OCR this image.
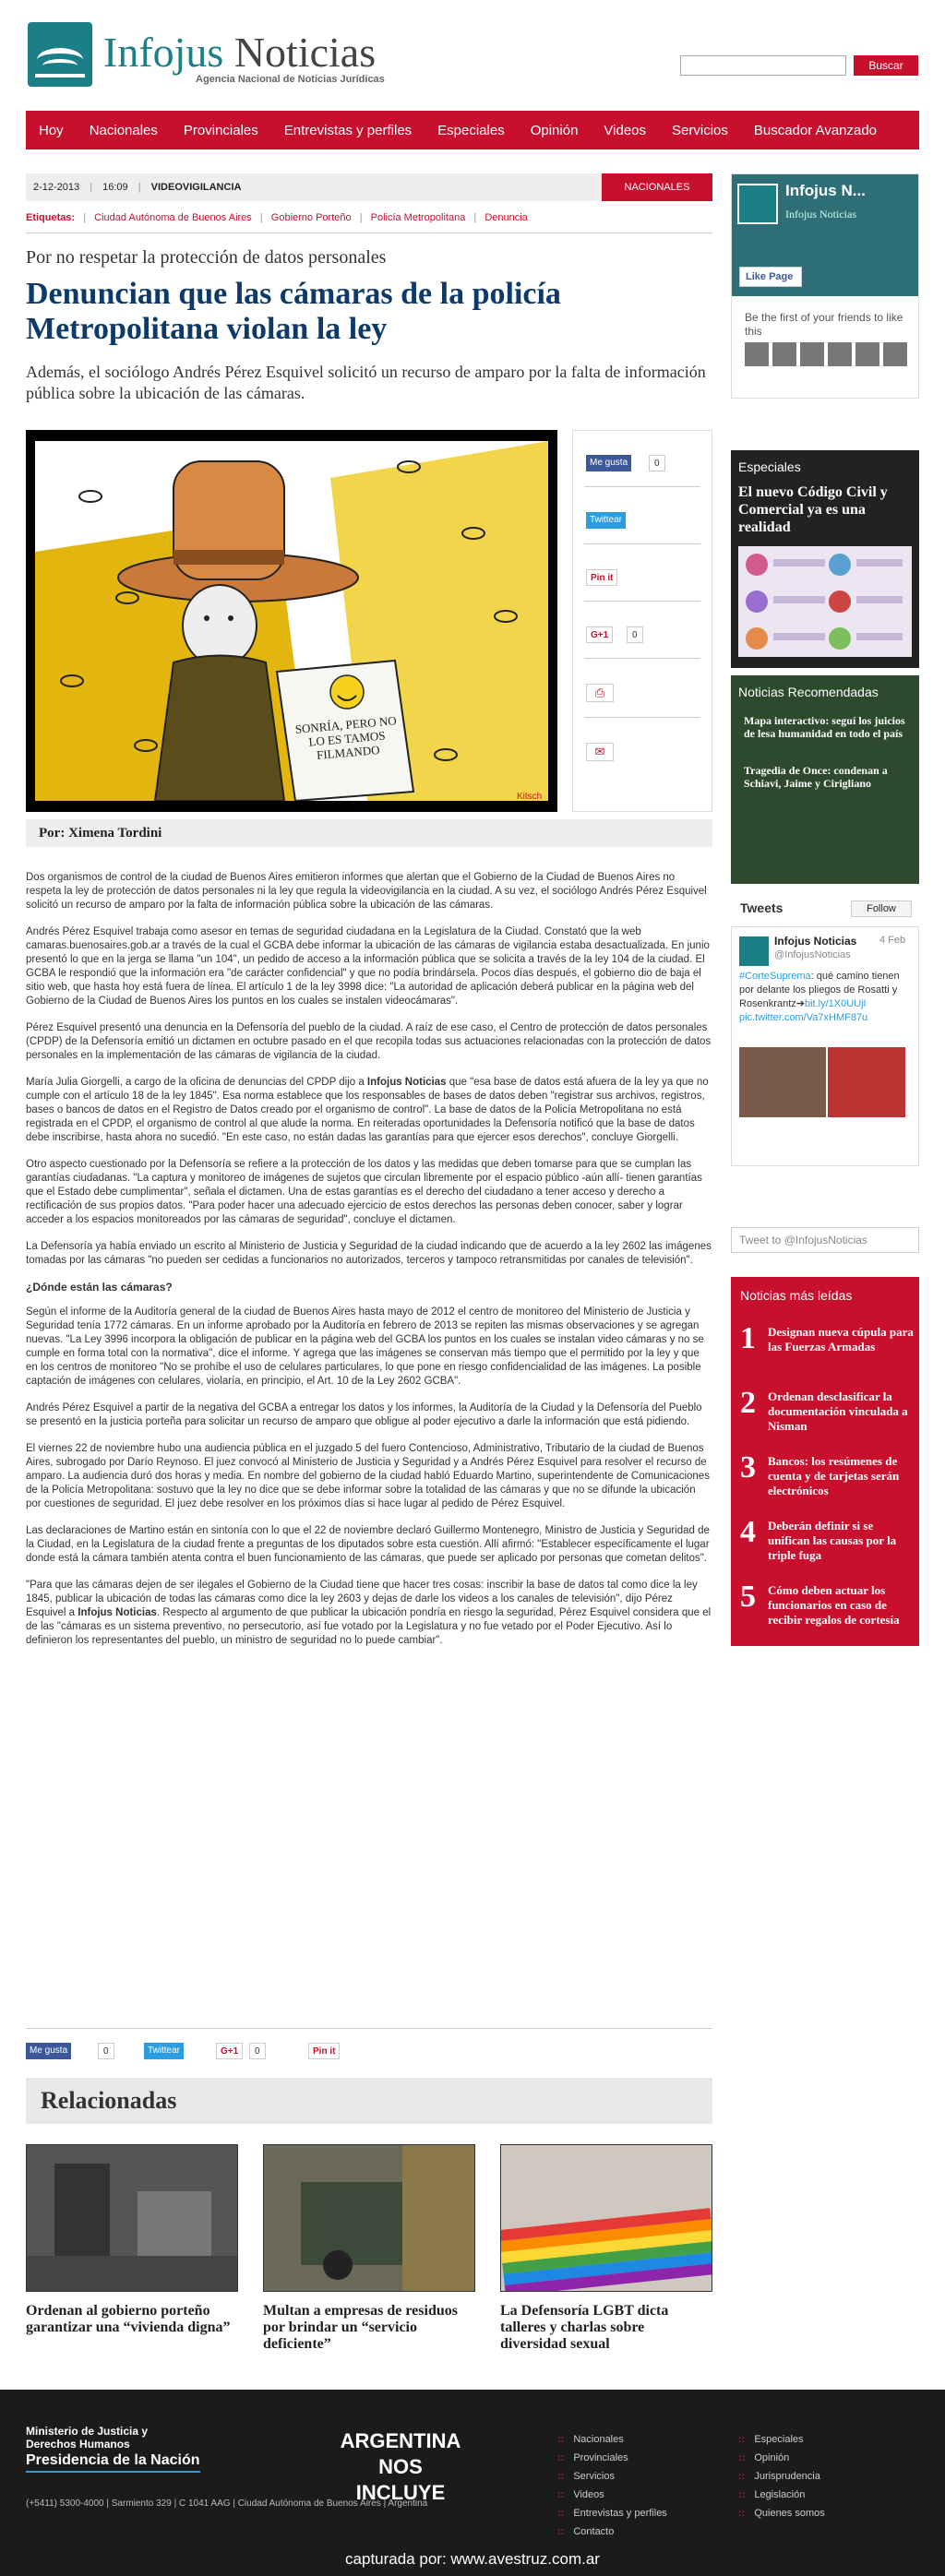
Infojus Noticias
Agencia Nacional de Noticias Jurídicas
Buscar
Hoy Nacionales Provinciales Entrevistas y perfiles Especiales Opinión Videos Servicios Buscador Avanzado
2-12-2013 | 16:09 | VIDEOVIGILANCIA	NACIONALES
Etiquetas: | Ciudad Autónoma de Buenos Aires | Gobierno Porteño | Policía Metropolitana | Denuncia
Por no respetar la protección de datos personales
Denuncian que las cámaras de la policía Metropolitana violan la ley
Además, el sociólogo Andrés Pérez Esquivel solicitó un recurso de amparo por la falta de información pública sobre la ubicación de las cámaras.
SONRÍA, PERO NO LO ES TAMOS FILMANDO
Kitsch
Me gusta	0
Twittear
Pin it
G+1	0
⎙
✉
Por: Ximena Tordini

Dos organismos de control de la ciudad de Buenos Aires emitieron informes que alertan que el Gobierno de la Ciudad de Buenos Aires no respeta la ley de protección de datos personales ni la ley que regula la videovigilancia en la ciudad. A su vez, el sociólogo Andrés Pérez Esquivel solicitó un recurso de amparo por la falta de información pública sobre la ubicación de las cámaras.

Andrés Pérez Esquivel trabaja como asesor en temas de seguridad ciudadana en la Legislatura de la Ciudad. Constató que la web camaras.buenosaires.gob.ar a través de la cual el GCBA debe informar la ubicación de las cámaras de vigilancia estaba desactualizada. En junio presentó lo que en la jerga se llama "un 104", un pedido de acceso a la información pública que se solicita a través de la ley 104 de la ciudad. El GCBA le respondió que la información era "de carácter confidencial" y que no podía brindársela. Pocos días después, el gobierno dio de baja el sitio web, que hasta hoy está fuera de línea. El artículo 1 de la ley 3998 dice: "La autoridad de aplicación deberá publicar en la página web del Gobierno de la Ciudad de Buenos Aires los puntos en los cuales se instalen videocámaras".

Pérez Esquivel presentó una denuncia en la Defensoría del pueblo de la ciudad. A raíz de ese caso, el Centro de protección de datos personales (CPDP) de la Defensoría emitió un dictamen en octubre pasado en el que recopila todas sus actuaciones relacionadas con la protección de datos personales en la implementación de las cámaras de vigilancia de la ciudad.

María Julia Giorgelli, a cargo de la oficina de denuncias del CPDP dijo a Infojus Noticias que "esa base de datos está afuera de la ley ya que no cumple con el artículo 18 de la ley 1845". Esa norma establece que los responsables de bases de datos deben "registrar sus archivos, registros, bases o bancos de datos en el Registro de Datos creado por el organismo de control". La base de datos de la Policía Metropolitana no está registrada en el CPDP, el organismo de control al que alude la norma. En reiteradas oportunidades la Defensoría notificó que la base de datos debe inscribirse, hasta ahora no sucedió. "En este caso, no están dadas las garantías para que ejercer esos derechos", concluye Giorgelli.

Otro aspecto cuestionado por la Defensoría se refiere a la protección de los datos y las medidas que deben tomarse para que se cumplan las garantías ciudadanas. "La captura y monitoreo de imágenes de sujetos que circulan libremente por el espacio público -aún allí- tienen garantías que el Estado debe cumplimentar", señala el dictamen. Una de estas garantías es el derecho del ciudadano a tener acceso y derecho a rectificación de sus propios datos. "Para poder hacer una adecuado ejercicio de estos derechos las personas deben conocer, saber y lograr acceder a los espacios monitoreados por las cámaras de seguridad", concluye el dictamen.

La Defensoría ya había enviado un escrito al Ministerio de Justicia y Seguridad de la ciudad indicando que de acuerdo a la ley 2602 las imágenes tomadas por las cámaras "no pueden ser cedidas a funcionarios no autorizados, terceros y tampoco retransmitidas por canales de televisión".

¿Dónde están las cámaras?

Según el informe de la Auditoría general de la ciudad de Buenos Aires hasta mayo de 2012 el centro de monitoreo del Ministerio de Justicia y Seguridad tenía 1772 cámaras. En un informe aprobado por la Auditoría en febrero de 2013 se repiten las mismas observaciones y se agregan nuevas. "La Ley 3996 incorpora la obligación de publicar en la página web del GCBA los puntos en los cuales se instalan video cámaras y no se cumple en forma total con la normativa", dice el informe. Y agrega que las imágenes se conservan más tiempo que el permitido por la ley y que en los centros de monitoreo "No se prohíbe el uso de celulares particulares, lo que pone en riesgo confidencialidad de las imágenes. La posible captación de imágenes con celulares, violaría, en principio, el Art. 10 de la Ley 2602 GCBA".

Andrés Pérez Esquivel a partir de la negativa del GCBA a entregar los datos y los informes, la Auditoría de la Ciudad y la Defensoría del Pueblo se presentó en la justicia porteña para solicitar un recurso de amparo que obligue al poder ejecutivo a darle la información que está pidiendo.

El viernes 22 de noviembre hubo una audiencia pública en el juzgado 5 del fuero Contencioso, Administrativo, Tributario de la ciudad de Buenos Aires, subrogado por Darío Reynoso. El juez convocó al Ministerio de Justicia y Seguridad y a Andrés Pérez Esquivel para resolver el recurso de amparo. La audiencia duró dos horas y media. En nombre del gobierno de la ciudad habló Eduardo Martino, superintendente de Comunicaciones de la Policía Metropolitana: sostuvo que la ley no dice que se debe informar sobre la totalidad de las cámaras y que no se difunde la ubicación por cuestiones de seguridad. El juez debe resolver en los próximos días si hace lugar al pedido de Pérez Esquivel.

Las declaraciones de Martino están en sintonía con lo que el 22 de noviembre declaró Guillermo Montenegro, Ministro de Justicia y Seguridad de la Ciudad, en la Legislatura de la ciudad frente a preguntas de los diputados sobre esta cuestión. Allí afirmó: "Establecer específicamente el lugar donde está la cámara también atenta contra el buen funcionamiento de las cámaras, que puede ser aplicado por personas que cometan delitos".

"Para que las cámaras dejen de ser ilegales el Gobierno de la Ciudad tiene que hacer tres cosas: inscribir la base de datos tal como dice la ley 1845, publicar la ubicación de todas las cámaras como dice la ley 2603 y dejas de darle los videos a los canales de televisión", dijo Pérez Esquivel a Infojus Noticias. Respecto al argumento de que publicar la ubicación pondría en riesgo la seguridad, Pérez Esquivel considera que el de las "cámaras es un sistema preventivo, no persecutorio, así fue votado por la Legislatura y no fue vetado por el Poder Ejecutivo. Así lo definieron los representantes del pueblo, un ministro de seguridad no lo puede cambiar".

Me gusta	0	Twittear	G+1	0	Pin it
Relacionadas
Ordenan al gobierno porteño garantizar una “vivienda digna”
Multan a empresas de residuos por brindar un “servicio deficiente”
La Defensoría LGBT dicta talleres y charlas sobre diversidad sexual
Infojus N...
Infojus Noticias
Like Page
Be the first of your friends to like this
Especiales
El nuevo Código Civil y Comercial ya es una realidad
Noticias Recomendadas
Mapa interactivo: seguí los juicios de lesa humanidad en todo el país
Tragedia de Once: condenan a Schiavi, Jaime y Cirigliano
Tweets	Follow
Infojus Noticias
@InfojusNoticias
4 Feb
#CorteSuprema: qué camino tienen por delante los pliegos de Rosatti y Rosenkrantz➔bit.ly/1X0UUjI pic.twitter.com/Va7xHMF87u
Tweet to @InfojusNoticias
Noticias más leídas
1 Designan nueva cúpula para las Fuerzas Armadas
2 Ordenan desclasificar la documentación vinculada a Nisman
3 Bancos: los resúmenes de cuenta y de tarjetas serán electrónicos
4 Deberán definir si se unifican las causas por la triple fuga
5 Cómo deben actuar los funcionarios en caso de recibir regalos de cortesía
Ministerio de Justicia y Derechos Humanos
Presidencia de la Nación
(+5411) 5300-4000 | Sarmiento 329 | C 1041 AAG | Ciudad Autónoma de Buenos Aires | Argentina
ARGENTINA NOS INCLUYE
:: Nacionales
:: Provinciales
:: Servicios
:: Videos
:: Entrevistas y perfiles
:: Contacto
:: Especiales
:: Opinión
:: Jurisprudencia
:: Legislación
:: Quienes somos
capturada por: www.avestruz.com.ar
